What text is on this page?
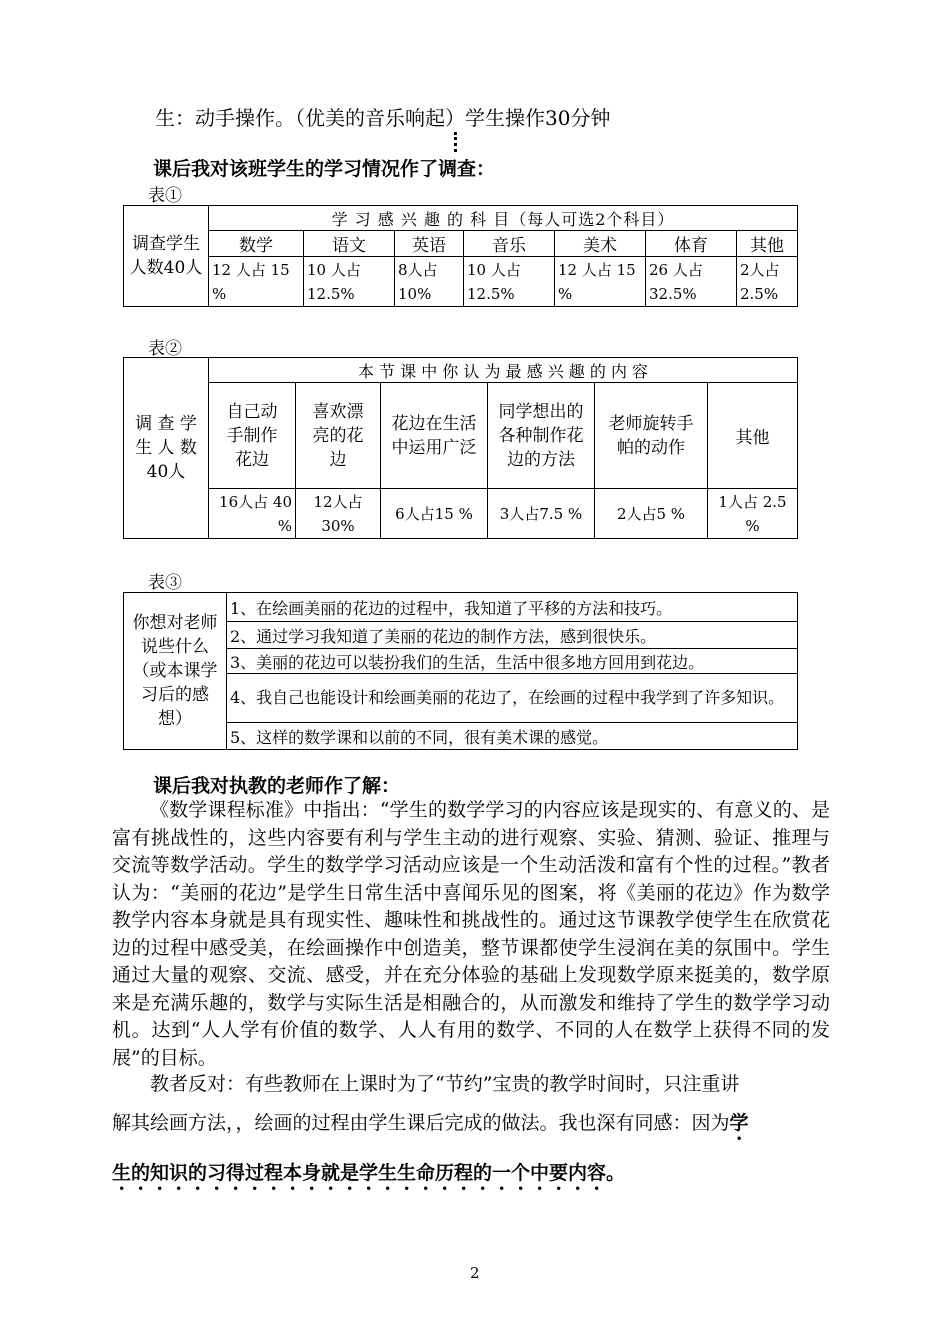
生：动手操作。（优美的音乐响起）学生操作30分钟
课后我对该班学生的学习情况作了调查：
表①
调查学生人数40人	学 习 感 兴 趣 的 科 目（每人可选2个科目）						
	数学	语文	英语	音乐	美术	体育	其他
	12 人占 15 %	10 人占 12.5%	8人占 10%	10 人占 12.5%	12 人占 15 %	26 人占 32.5%	2人占 2.5%
表②
调 查 学 生 人 数 40人	本 节 课 中 你 认 为 最 感 兴 趣 的 内 容					
	自己动手制作花边	喜欢漂亮的花边	花边在生活中运用广泛	同学想出的各种制作花边的方法	老师旋转手帕的动作	其他
	16人占 40 %	12人占 30%	6人占15 %	3人占7.5 %	2人占5 %	1人占 2.5 %
表③
你想对老师说些什么（或本课学习后的感想）	1、在绘画美丽的花边的过程中，我知道了平移的方法和技巧。
2、通过学习我知道了美丽的花边的制作方法，感到很快乐。
3、美丽的花边可以装扮我们的生活，生活中很多地方回用到花边。
4、我自己也能设计和绘画美丽的花边了，在绘画的过程中我学到了许多知识。
5、这样的数学课和以前的不同，很有美术课的感觉。
课后我对执教的老师作了解：
《数学课程标准》中指出：“学生的数学学习的内容应该是现实的、有意义的、是富有挑战性的，这些内容要有利与学生主动的进行观察、实验、猜测、验证、推理与交流等数学活动。学生的数学学习活动应该是一个生动活泼和富有个性的过程。”教者认为：“美丽的花边”是学生日常生活中喜闻乐见的图案，将《美丽的花边》作为数学教学内容本身就是具有现实性、趣味性和挑战性的。通过这节课教学使学生在欣赏花边的过程中感受美，在绘画操作中创造美，整节课都使学生浸润在美的氛围中。学生通过大量的观察、交流、感受，并在充分体验的基础上发现数学原来挺美的，数学原来是充满乐趣的，数学与实际生活是相融合的，从而激发和维持了学生的数学学习动机。达到“人人学有价值的数学、人人有用的数学、不同的人在数学上获得不同的发展”的目标。
教者反对：有些教师在上课时为了“节约”宝贵的教学时间时，只注重讲
解其绘画方法，，绘画的过程由学生课后完成的做法。我也深有同感：因为学
生的知识的习得过程本身就是学生生命历程的一个中要内容。
2
